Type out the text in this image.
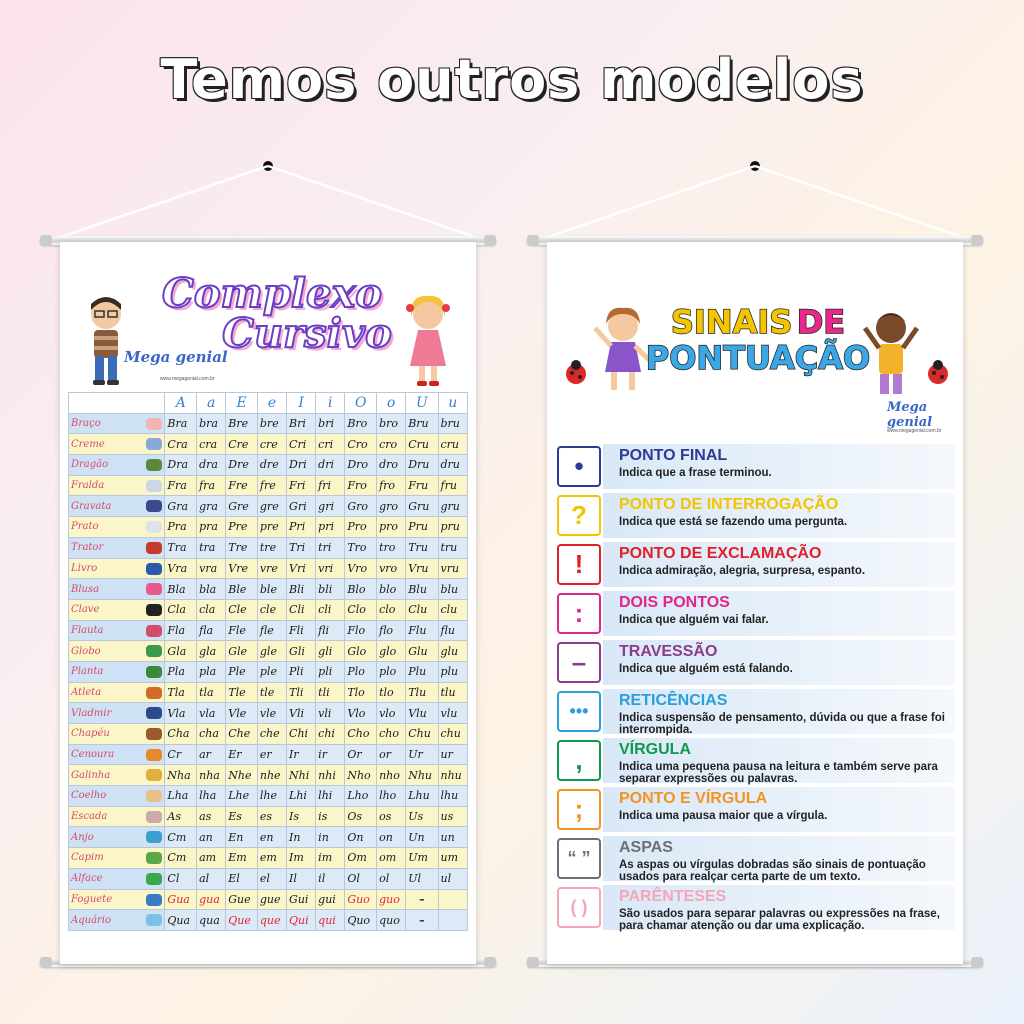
Temos outros modelos
Complexo
Cursivo
Mega genial
www.megagenial.com.br
	A	a	E	e	I	i	O	o	U	u
Braço	Bra	bra	Bre	bre	Bri	bri	Bro	bro	Bru	bru
Creme	Cra	cra	Cre	cre	Cri	cri	Cro	cro	Cru	cru
Dragão	Dra	dra	Dre	dre	Dri	dri	Dro	dro	Dru	dru
Fralda	Fra	fra	Fre	fre	Fri	fri	Fro	fro	Fru	fru
Gravata	Gra	gra	Gre	gre	Gri	gri	Gro	gro	Gru	gru
Prato	Pra	pra	Pre	pre	Pri	pri	Pro	pro	Pru	pru
Trator	Tra	tra	Tre	tre	Tri	tri	Tro	tro	Tru	tru
Livro	Vra	vra	Vre	vre	Vri	vri	Vro	vro	Vru	vru
Blusa	Bla	bla	Ble	ble	Bli	bli	Blo	blo	Blu	blu
Clave	Cla	cla	Cle	cle	Cli	cli	Clo	clo	Clu	clu
Flauta	Fla	fla	Fle	fle	Fli	fli	Flo	flo	Flu	flu
Globo	Gla	gla	Gle	gle	Gli	gli	Glo	glo	Glu	glu
Planta	Pla	pla	Ple	ple	Pli	pli	Plo	plo	Plu	plu
Atleta	Tla	tla	Tle	tle	Tli	tli	Tlo	tlo	Tlu	tlu
Vladmir	Vla	vla	Vle	vle	Vli	vli	Vlo	vlo	Vlu	vlu
Chapéu	Cha	cha	Che	che	Chi	chi	Cho	cho	Chu	chu
Cenoura	Cr	ar	Er	er	Ir	ir	Or	or	Ur	ur
Galinha	Nha	nha	Nhe	nhe	Nhi	nhi	Nho	nho	Nhu	nhu
Coelho	Lha	lha	Lhe	lhe	Lhi	lhi	Lho	lho	Lhu	lhu
Escada	As	as	Es	es	Is	is	Os	os	Us	us
Anjo	Cm	an	En	en	In	in	On	on	Un	un
Capim	Cm	am	Em	em	Im	im	Om	om	Um	um
Alface	Cl	al	El	el	Il	il	Ol	ol	Ul	ul
Foguete	Gua	gua	Gue	gue	Gui	gui	Guo	guo	–	
Aquário	Qua	qua	Que	que	Qui	qui	Quo	quo	–	
SINAIS DE
PONTUAÇÃO
Mega genial
www.megagenial.com.br
•	PONTO FINAL
Indica que a frase terminou.
?	PONTO DE INTERROGAÇÃO
Indica que está se fazendo uma pergunta.
!	PONTO DE EXCLAMAÇÃO
Indica admiração, alegria, surpresa, espanto.
:	DOIS PONTOS
Indica que alguém vai falar.
–	TRAVESSÃO
Indica que alguém está falando.
•••
RETICÊNCIAS
Indica suspensão de pensamento, dúvida ou que a frase foi interrompida.
,	VÍRGULA
Indica uma pequena pausa na leitura e também serve para separar expressões ou palavras.
;	PONTO E VÍRGULA
Indica uma pausa maior que a vírgula.
“ ”
ASPAS
As aspas ou vírgulas dobradas são sinais de pontuação usados para realçar certa parte de um texto.
( )
PARÊNTESES
São usados para separar palavras ou expressões na frase, para chamar atenção ou dar uma explicação.
